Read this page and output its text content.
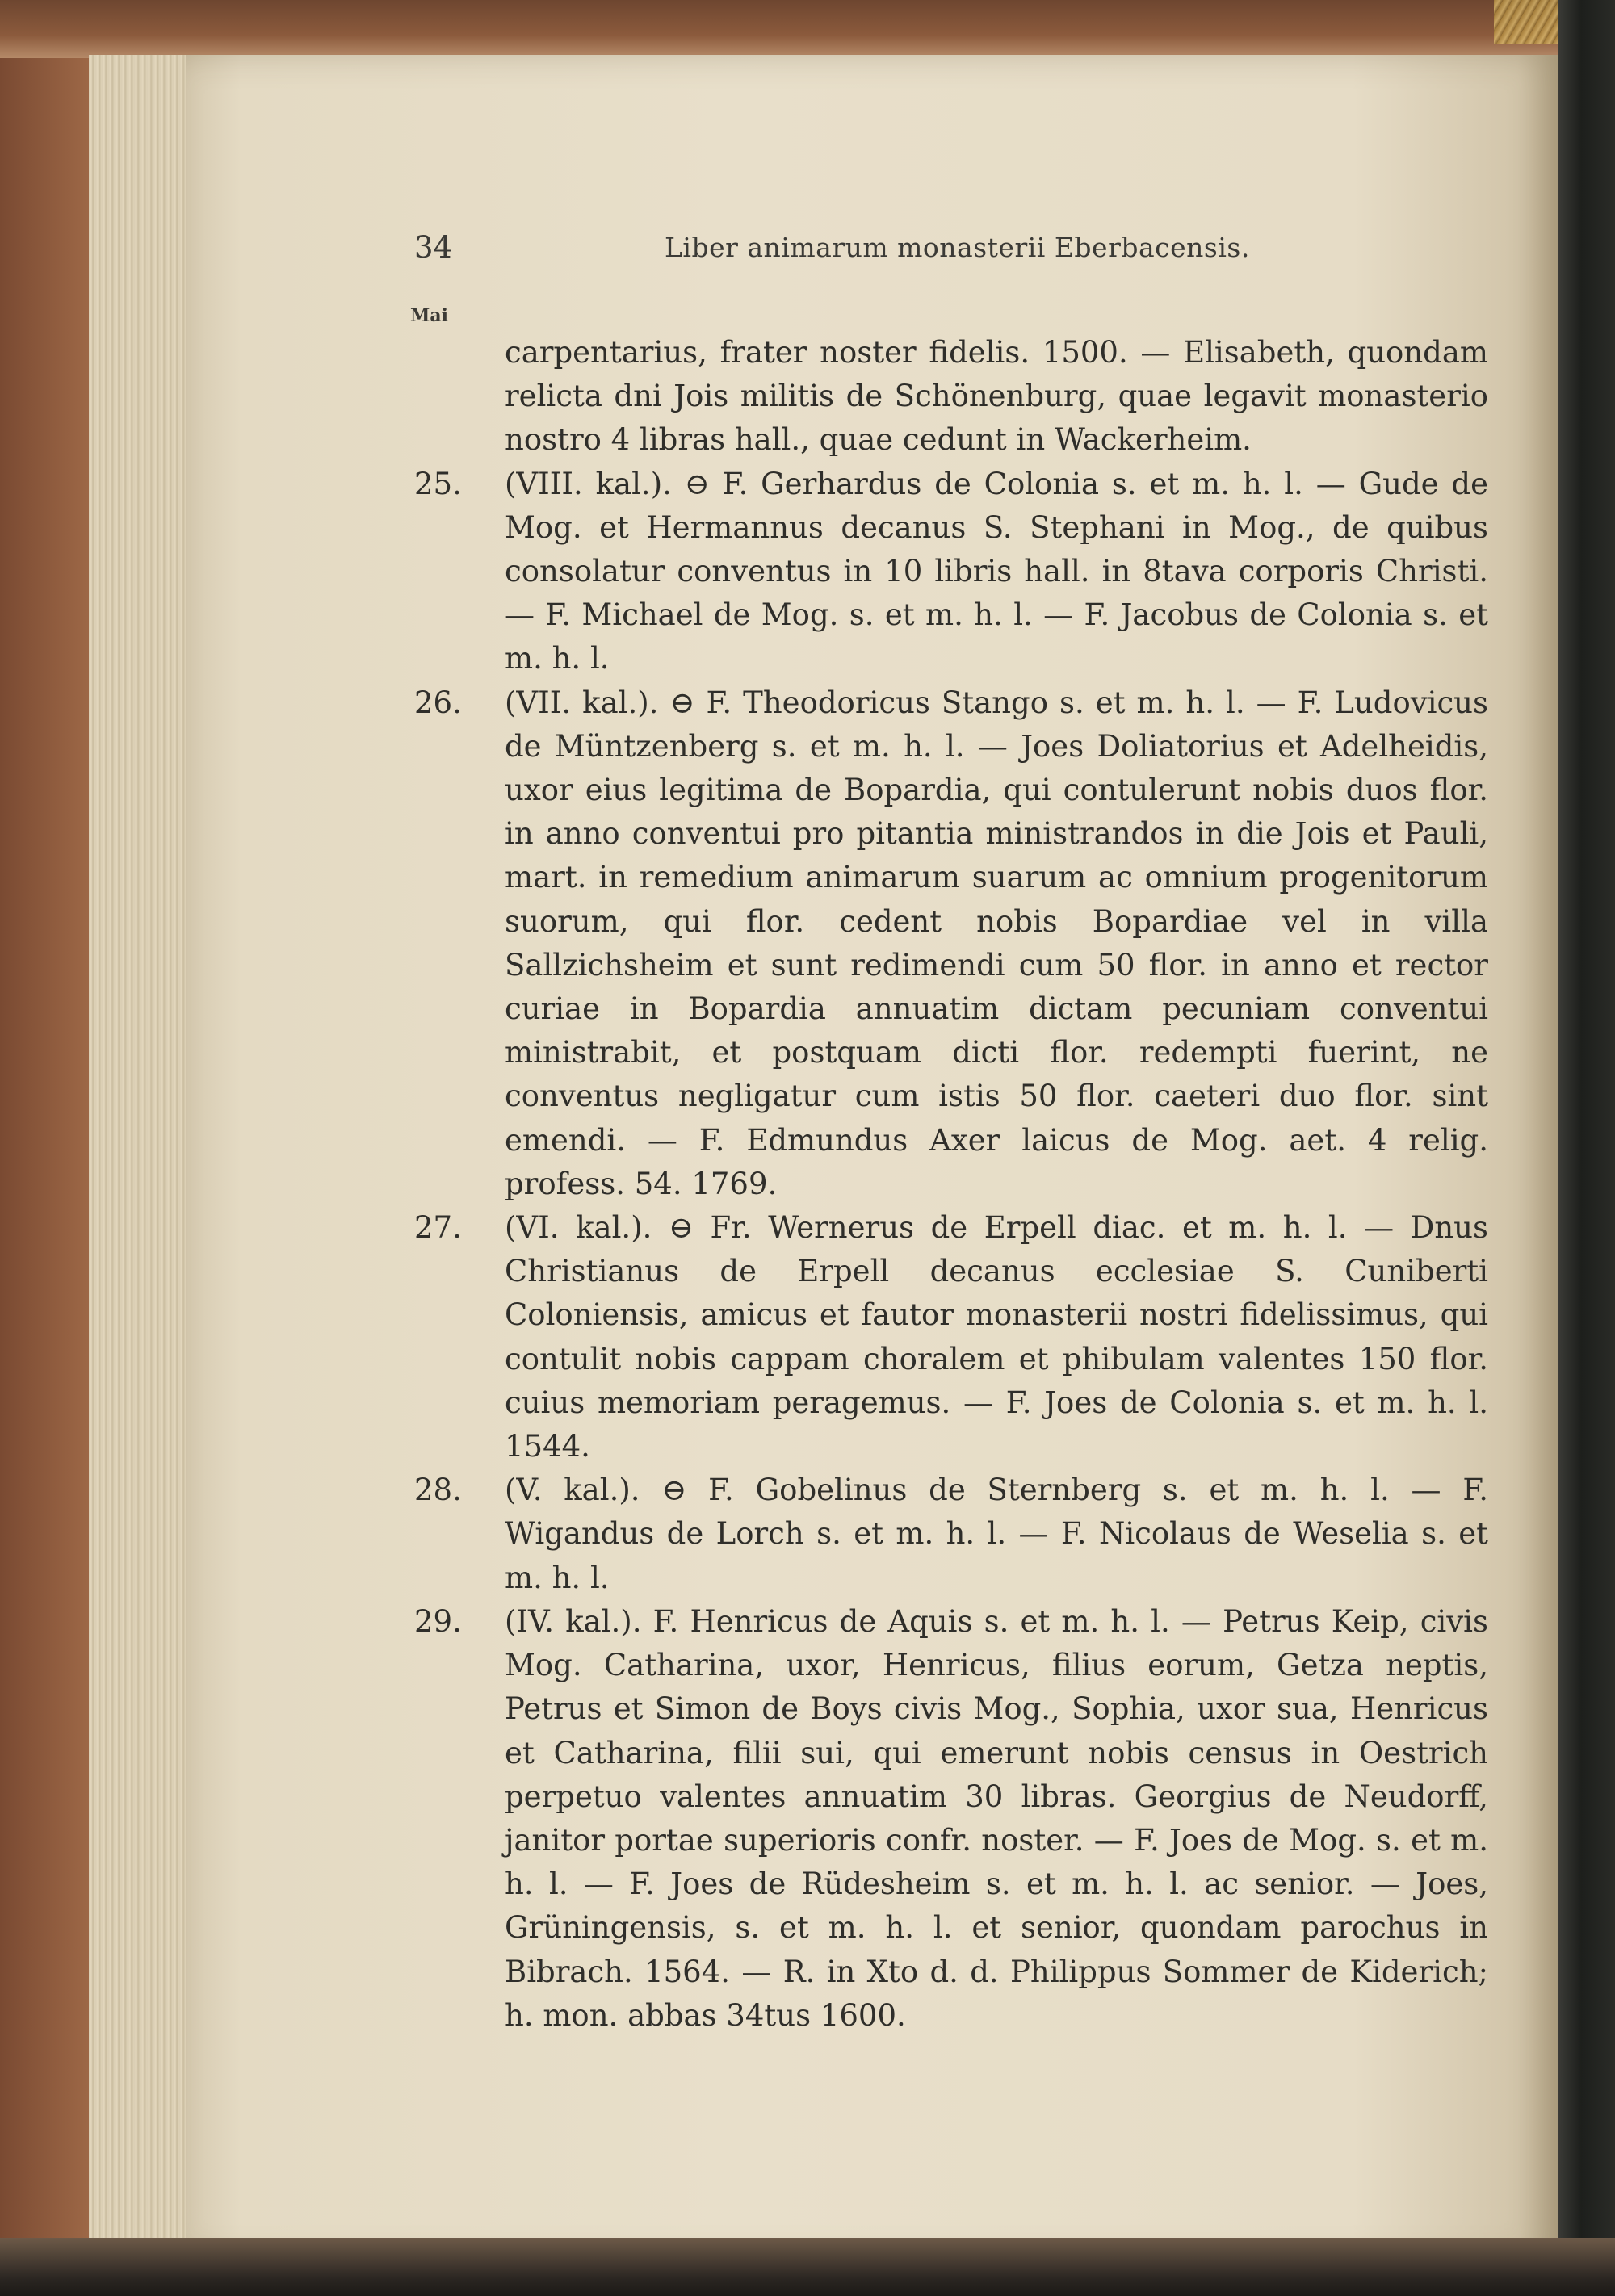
34	Liber animarum monasterii Eberbacensis.
Mai
carpentarius, frater noster fidelis. 1500. — Elisabeth, quondam relicta dni Jois militis de Schönenburg, quae legavit monasterio nostro 4 libras hall., quae cedunt in Wackerheim.
25. (VIII. kal.). ⊖ F. Gerhardus de Colonia s. et m. h. l. — Gude de Mog. et Hermannus decanus S. Stephani in Mog., de quibus consolatur conventus in 10 libris hall. in 8tava corporis Christi. — F. Michael de Mog. s. et m. h. l. — F. Jacobus de Colonia s. et m. h. l.
26. (VII. kal.). ⊖ F. Theodoricus Stango s. et m. h. l. — F. Ludovicus de Müntzenberg s. et m. h. l. — Joes Doliatorius et Adelheidis, uxor eius legitima de Bopardia, qui contulerunt nobis duos flor. in anno conventui pro pitantia ministrandos in die Jois et Pauli, mart. in remedium animarum suarum ac omnium progenitorum suorum, qui flor. cedent nobis Bopardiae vel in villa Sallzichsheim et sunt redimendi cum 50 flor. in anno et rector curiae in Bopardia annuatim dictam pecuniam conventui ministrabit, et postquam dicti flor. redempti fuerint, ne conventus negligatur cum istis 50 flor. caeteri duo flor. sint emendi. — F. Edmundus Axer laicus de Mog. aet. 4 relig. profess. 54. 1769.
27. (VI. kal.). ⊖ Fr. Wernerus de Erpell diac. et m. h. l. — Dnus Christianus de Erpell decanus ecclesiae S. Cuniberti Coloniensis, amicus et fautor monasterii nostri fidelissimus, qui contulit nobis cappam choralem et phibulam valentes 150 flor. cuius memoriam peragemus. — F. Joes de Colonia s. et m. h. l. 1544.
28. (V. kal.). ⊖ F. Gobelinus de Sternberg s. et m. h. l. — F. Wigandus de Lorch s. et m. h. l. — F. Nicolaus de Weselia s. et m. h. l.
29. (IV. kal.). F. Henricus de Aquis s. et m. h. l. — Petrus Keip, civis Mog. Catharina, uxor, Henricus, filius eorum, Getza neptis, Petrus et Simon de Boys civis Mog., Sophia, uxor sua, Henricus et Catharina, filii sui, qui emerunt nobis census in Oestrich perpetuo valentes annuatim 30 libras. Georgius de Neudorff, janitor portae superioris confr. noster. — F. Joes de Mog. s. et m. h. l. — F. Joes de Rüdesheim s. et m. h. l. ac senior. — Joes, Grüningensis, s. et m. h. l. et senior, quondam parochus in Bibrach. 1564. — R. in Xto d. d. Philippus Sommer de Kiderich; h. mon. abbas 34tus 1600.
